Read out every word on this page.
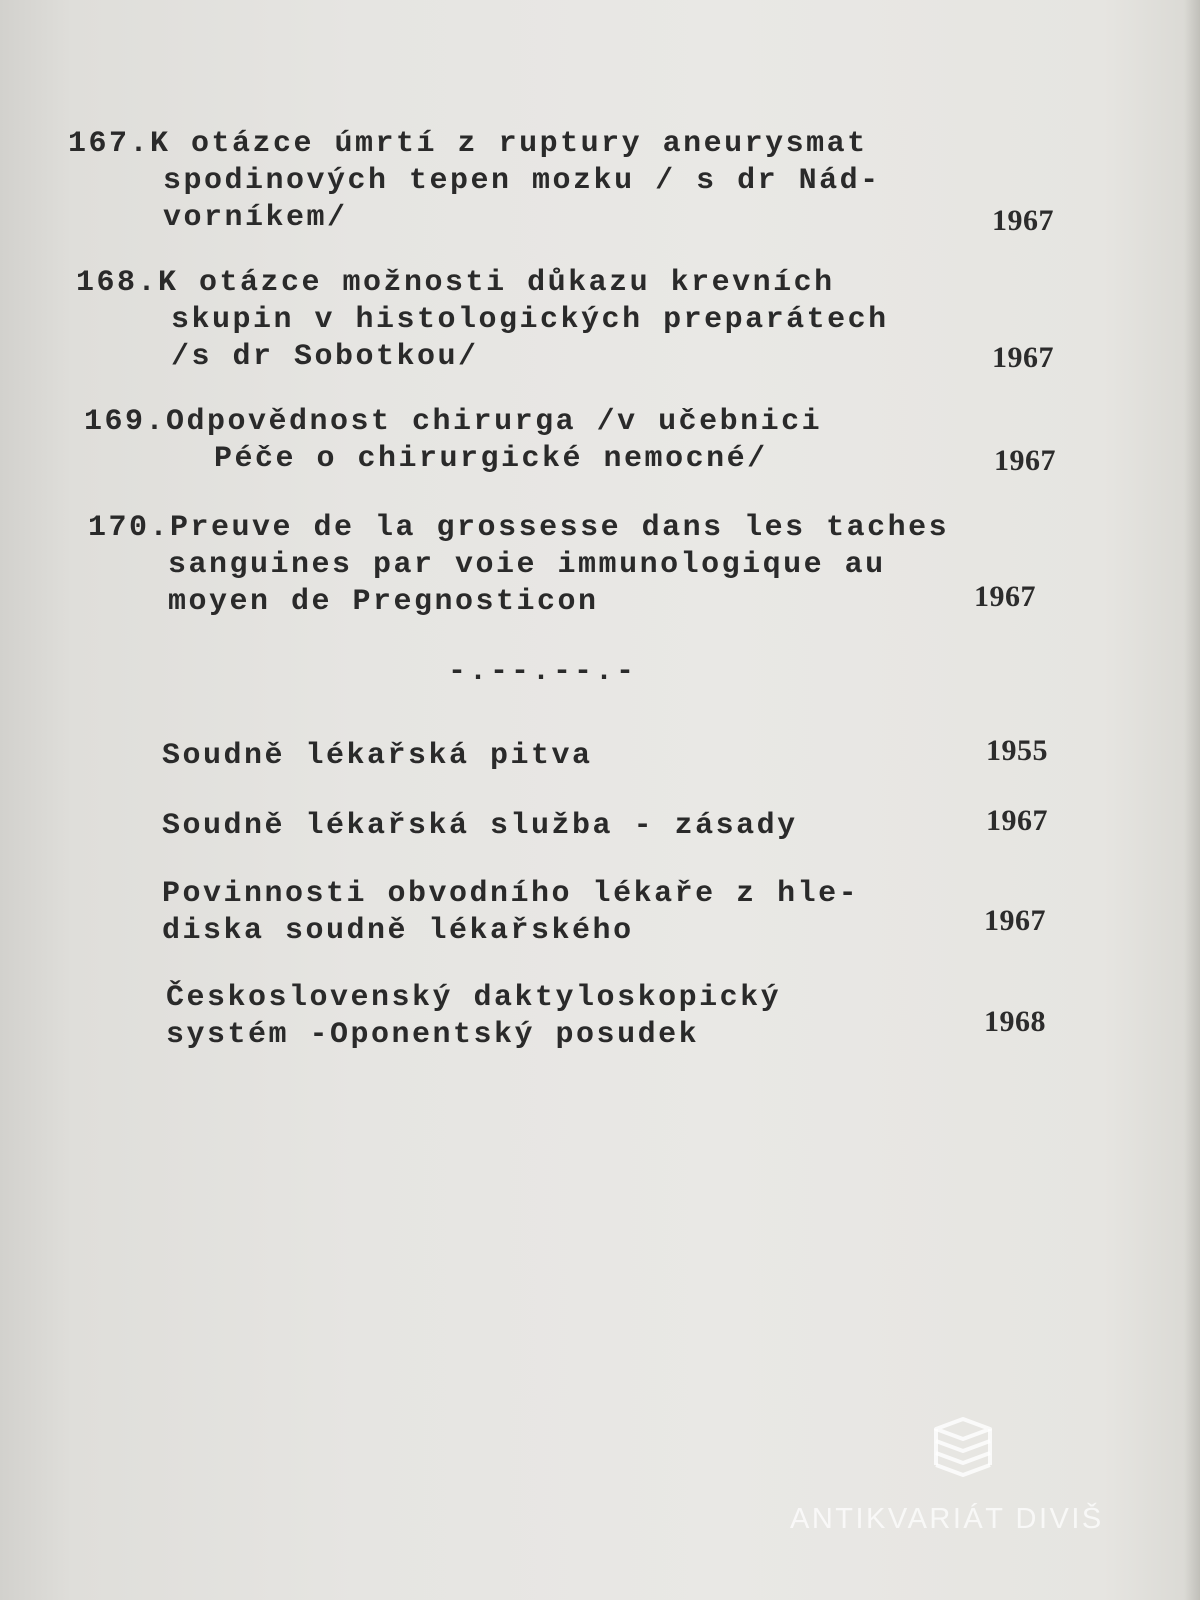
167.K otázce úmrtí z ruptury aneurysmat
spodinových tepen mozku / s dr Nád-
vorníkem/	1967
168.K otázce možnosti důkazu krevních
skupin v histologických preparátech
/s dr Sobotkou/	1967
169.Odpovědnost chirurga /v učebnici
Péče o chirurgické nemocné/	1967
170.Preuve de la grossesse dans les taches
sanguines par voie immunologique au
moyen de Pregnosticon	1967
-.--.--.-
Soudně lékařská pitva	1955
Soudně lékařská služba - zásady	1967
Povinnosti obvodního lékaře z hle-
diska soudně lékařského	1967
Československý daktyloskopický
systém -Oponentský posudek	1968
ANTIKVARIÁT DIVIŠ
